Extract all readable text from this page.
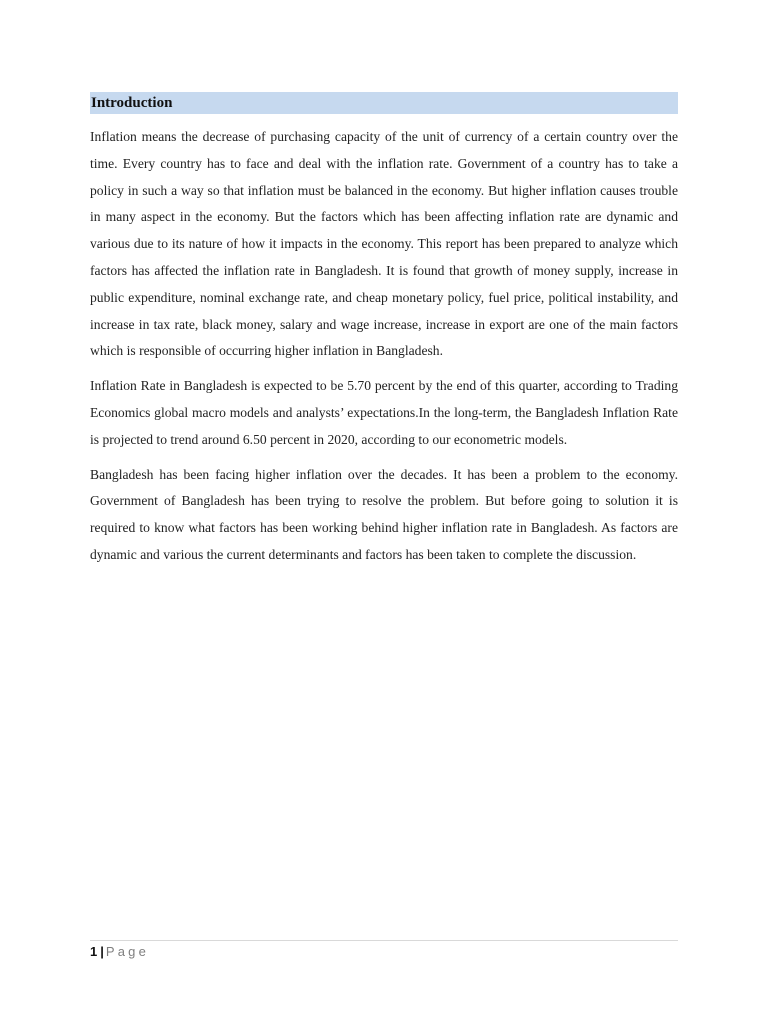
Introduction

Inflation means the decrease of purchasing capacity of the unit of currency of a certain country over the time. Every country has to face and deal with the inflation rate. Government of a country has to take a policy in such a way so that inflation must be balanced in the economy. But higher inflation causes trouble in many aspect in the economy. But the factors which has been affecting inflation rate are dynamic and various due to its nature of how it impacts in the economy. This report has been prepared to analyze which factors has affected the inflation rate in Bangladesh. It is found that growth of money supply, increase in public expenditure, nominal exchange rate, and cheap monetary policy, fuel price, political instability, and increase in tax rate, black money, salary and wage increase, increase in export are one of the main factors which is responsible of occurring higher inflation in Bangladesh.

Inflation Rate in Bangladesh is expected to be 5.70 percent by the end of this quarter, according to Trading Economics global macro models and analysts’ expectations.In the long-term, the Bangladesh Inflation Rate is projected to trend around 6.50 percent in 2020, according to our econometric models.

Bangladesh has been facing higher inflation over the decades. It has been a problem to the economy. Government of Bangladesh has been trying to resolve the problem. But before going to solution it is required to know what factors has been working behind higher inflation rate in Bangladesh. As factors are dynamic and various the current determinants and factors has been taken to complete the discussion.

1 | Page
